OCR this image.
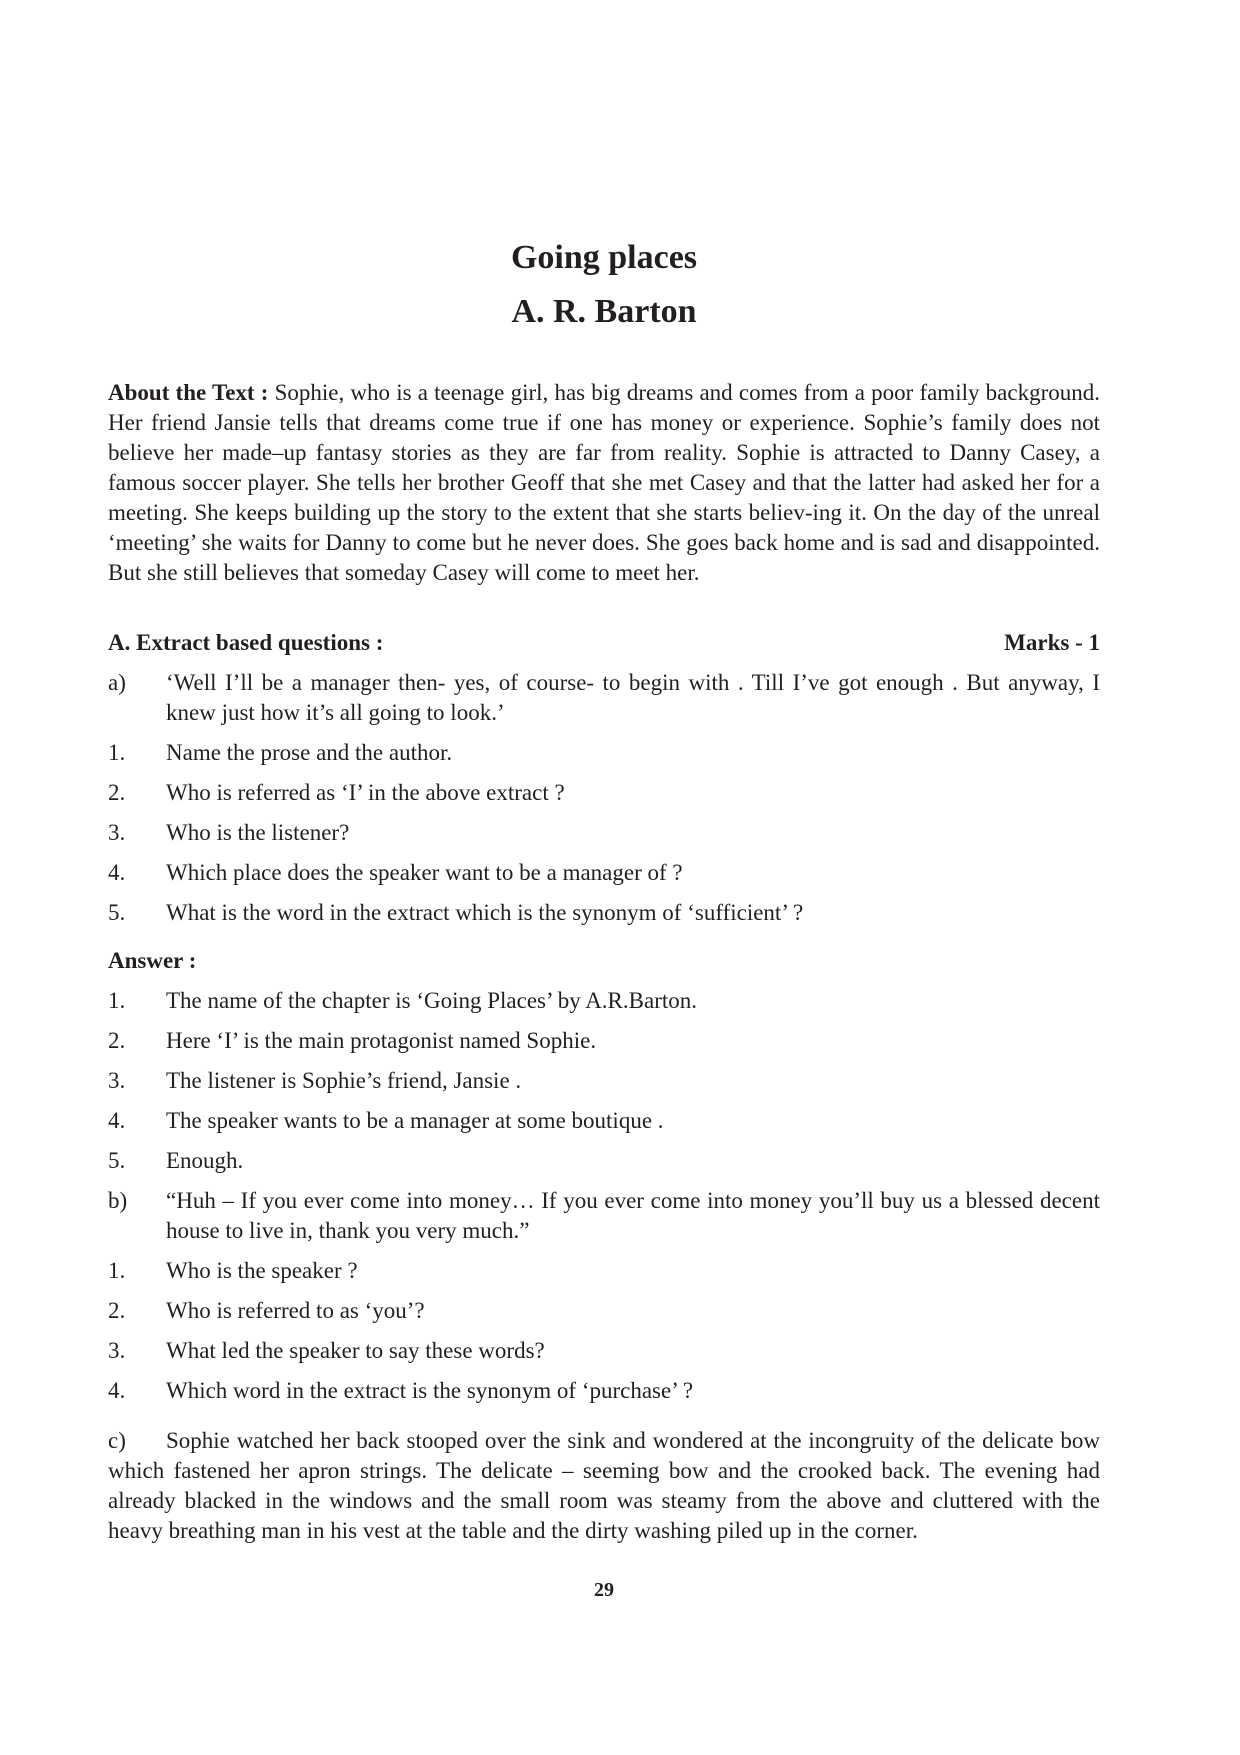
Going places
A. R. Barton

About the Text : Sophie, who is a teenage girl, has big dreams and comes from a poor family background. Her friend Jansie tells that dreams come true if one has money or experience. Sophie’s family does not believe her made–up fantasy stories as they are far from reality. Sophie is attracted to Danny Casey, a famous soccer player. She tells her brother Geoff that she met Casey and that the latter had asked her for a meeting. She keeps building up the story to the extent that she starts believ-ing it. On the day of the unreal ‘meeting’ she waits for Danny to come but he never does. She goes back home and is sad and disappointed. But she still believes that someday Casey will come to meet her.

A. Extract based questions :	Marks - 1
a)	‘Well I’ll be a manager then- yes, of course- to begin with . Till I’ve got enough . But anyway, I knew just how it’s all going to look.’
1.	Name the prose and the author.
2.	Who is referred as ‘I’ in the above extract ?
3.	Who is the listener?
4.	Which place does the speaker want to be a manager of ?
5.	What is the word in the extract which is the synonym of ‘sufficient’ ?
Answer :
1.	The name of the chapter is ‘Going Places’ by A.R.Barton.
2.	Here ‘I’ is the main protagonist named Sophie.
3.	The listener is Sophie’s friend, Jansie .
4.	The speaker wants to be a manager at some boutique .
5.	Enough.
b)	“Huh – If you ever come into money… If you ever come into money you’ll buy us a blessed decent house to live in, thank you very much.”
1.	Who is the speaker ?
2.	Who is referred to as ‘you’?
3.	What led the speaker to say these words?
4.	Which word in the extract is the synonym of ‘purchase’ ?

c) Sophie watched her back stooped over the sink and wondered at the incongruity of the delicate bow which fastened her apron strings. The delicate – seeming bow and the crooked back. The evening had already blacked in the windows and the small room was steamy from the above and cluttered with the heavy breathing man in his vest at the table and the dirty washing piled up in the corner.

29
